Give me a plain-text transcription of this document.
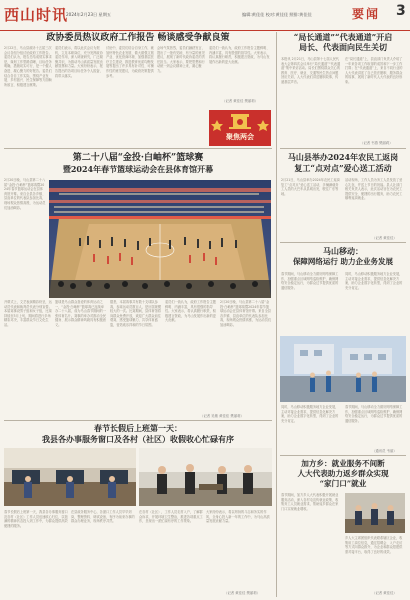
西山时讯
2024年2月23日 星期五	编辑:黄佳佳 校对:黄佳佳 照排:黄佳佳	要闻 3
政协委员热议政府工作报告 畅谈感受争献良策
2月22日，马山县政协十五届三次会议各组分组讨论政府工作报告。委员们认为，报告总结成绩实事求是，谋划工作思路清晰，目标任务明确，措施切实可行，是一个催人奋进、凝心聚力的好报告。委员们结合各自工作实际，围绕产业发展、乡村振兴、民生保障等方面畅所欲言，积极建言献策。
委员们表示，将以此次会议为契机，立足本职岗位，充分发挥政协委员作用，深入调查研究，广泛凝聚共识，为推动马山高质量发展贡献智慧和力量。大家纷纷表示，报告提出的各项目标任务令人振奋，将带头落实。
讨论中，委员们结合自身工作，就加快特色农业发展、做大做强文旅产业、优化营商环境、加强基层医疗卫生建设、推进教育优质均衡发展等提出了许多具有针对性、可操作性的意见建议，为政府决策提供参考。
会场气氛热烈，委员们踊跃发言，提出了一批有见地、有分量的意见建议，展现了新时代政协委员的责任担当。大家表示，要把思想和行动统一到会议精神上来，凝心聚力。
委员们一致认为，政府工作报告主题鲜明、内涵丰富，具有很强的指导性。大家表示，将认真履行职责，积极建言资政，为马山发展作出新的更大贡献。
（记者 黄佳佳 樊丽莉）
聚焦两会
“局长通道”“代表通道”开启
局长、代表面向民生关切
本报讯 2月21日，马山县第十七届人民代表大会第四次会议举行“局长通道”“代表通道”集中采访活动。局长们围绕群众关心的教育、医疗、就业、交通等民生热点问题回应关切，人大代表们讲述履职故事，传递基层声音。
在“局长通道”上，县直部门负责人介绍了一年来各项工作取得的成效和下一步工作打算；在“代表通道”上，来自不同行业的人大代表讲述了自己依法履职、服务群众的故事，展现了新时代人大代表的良好形象。
（记者 韦燕 樊丽莉）
第二十八届“金投·白岫杯”篮球赛
暨2024年春节篮球运动会在县体育馆开幕
2月20日晚，马山县第二十八届“金投·白岫杯”篮球赛暨2024年春节篮球运动会在县体育馆开幕。来自全县各乡镇、县直单位的代表队参加比赛，现场观众热情高涨，为运动员们加油喝彩。
开幕式上，文艺表演精彩纷呈，运动员代表和裁判员代表分别宣誓。本届赛事设男子组和女子组，比赛持续至3月上旬，期间将进行多场精彩对决，丰富群众节日文化生活。
篮球是马山群众喜爱的体育运动之一，“金投·白岫杯”篮球赛已连续举办二十八届，成为马山春节期间的一张体育名片。赛事的举办对推动全民健身、展示群众精神风貌具有积极意义。
据悉，本届赛事共有数十支球队参赛，参赛运动员数百人，是历届规模较大的一次。比赛期间，县体育馆将向群众免费开放，欢迎广大群众前往观赛，感受篮球魅力，共享体育盛宴，营造欢乐祥和的节日氛围。
委员们一致认为，政府工作报告主题鲜明、内涵丰富，具有很强的指导性。大家表示，将认真履行职责，积极建言资政，为马山发展作出新的更大贡献。
2月20日晚，马山县第二十八届“金投·白岫杯”篮球赛暨2024年春节篮球运动会在县体育馆开幕。来自全县各乡镇、县直单位的代表队参加比赛，现场观众热情高涨，为运动员们加油喝彩。
（记者 吴敏 黄佳佳 樊丽莉）
马山县举办2024年农民工返岗
复工“点对点”爱心送工活动
2月21日，马山县举办2024年农民工返岗复工“点对点”爱心送工活动，多辆满载务工人员的大巴车从县城出发，驶往广东等地。
活动现场，工作人员为务工人员发放了爱心礼包，并送上节日的祝福。县人社部门相关负责人表示，此次活动旨在为农民工提供安全、便捷的出行服务，助力农民工顺利返岗就业。
（记者 黄佳佳）
马山移动：
保障网络运行 助力企业务发展
春节期间，马山移动全力做好网络保障工作，加强重点区域网络巡检维护，确保网络安全稳定运行，为群众过节提供优质的通信服务。
同时，马山移动积极服务地方企业发展，主动对接企业需求，提供信息化解决方案，助力企业数字化转型，得到了企业的充分肯定。
同时，马山移动积极服务地方企业发展，主动对接企业需求，提供信息化解决方案，助力企业数字化转型，得到了企业的充分肯定。
春节期间，马山移动全力做好网络保障工作，加强重点区域网络巡检维护，确保网络安全稳定运行，为群众过节提供优质的通信服务。
（通讯员 韦丽）
春节长假后上班第一天：
我县各办事服务窗口及各村（社区）收假收心忙碌有序
春节长假后上班第一天，我县各办事服务窗口及各村（社区）工作人员迅速收心归位，以饱满的精神状态投入到工作中，为群众提供高效便捷的服务。
在县政务服务中心，各窗口工作人员早早到岗，整理资料、调试设备，有序为前来办事的群众办理业务，现场秩序井然。
在各村（社区），工作人员走村入户，了解群众诉求，开展环境卫生整治，推进各项重点工作，呈现出一派忙碌有序的工作景象。
大家纷纷表示，将以昂扬的斗志和务实的作风，全身心投入新一年的工作中，为马山高质量发展贡献力量。
（记者 黄佳佳 樊丽莉）
加方乡：就业服务不间断
人大代表助力返乡群众实现
“家门口”就业
春节期间，加方乡人大代表积极开展就业服务活动，深入各村屯宣传就业政策，收集务工人员就业需求，帮助返乡群众在家门口实现就业增收。
乡人大主席团组织代表联系辖区企业，收集用工岗位信息，通过招聘会、入户走访等方式向群众推介，为企业和群众搭建供需对接平台，取得了良好的成效。
（记者 黄佳佳）
